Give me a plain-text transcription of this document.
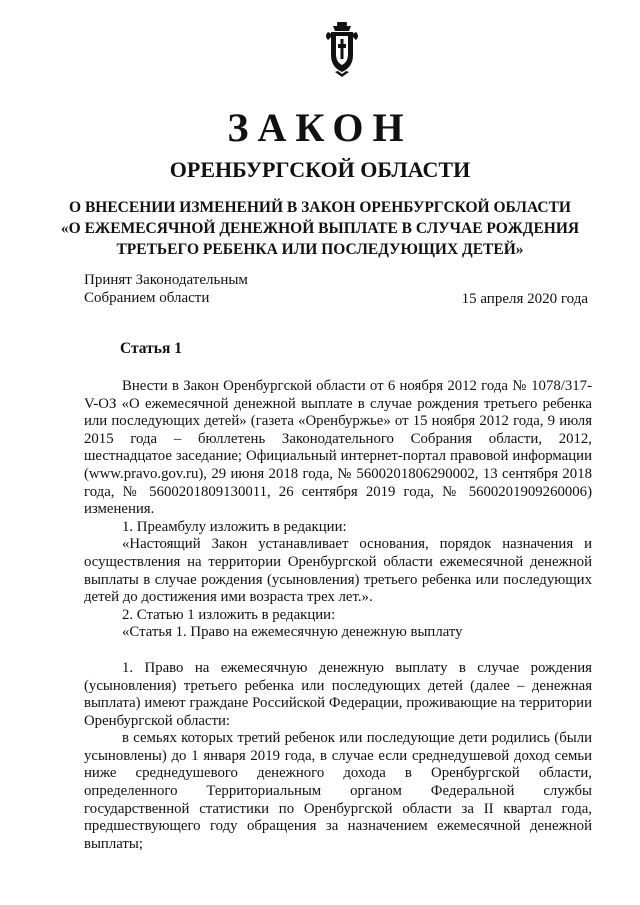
ЗАКОН
ОРЕНБУРГСКОЙ ОБЛАСТИ
О ВНЕСЕНИИ ИЗМЕНЕНИЙ В ЗАКОН ОРЕНБУРГСКОЙ ОБЛАСТИ
«О ЕЖЕМЕСЯЧНОЙ ДЕНЕЖНОЙ ВЫПЛАТЕ В СЛУЧАЕ РОЖДЕНИЯ
ТРЕТЬЕГО РЕБЕНКА ИЛИ ПОСЛЕДУЮЩИХ ДЕТЕЙ»
Принят Законодательным
Собранием области	15 апреля 2020 года
Статья 1

Внести в Закон Оренбургской области от 6 ноября 2012 года № 1078/317-V-ОЗ «О ежемесячной денежной выплате в случае рождения третьего ребенка или последующих детей» (газета «Оренбуржье» от 15 ноября 2012 года, 9 июля 2015 года – бюллетень Законодательного Собрания области, 2012, шестнадцатое заседание; Официальный интернет-портал правовой информации (www.pravo.gov.ru), 29 июня 2018 года, № 5600201806290002, 13 сентября 2018 года, № 5600201809130011, 26 сентября 2019 года, № 5600201909260006) изменения.

1. Преамбулу изложить в редакции:

«Настоящий Закон устанавливает основания, порядок назначения и осуществления на территории Оренбургской области ежемесячной денежной выплаты в случае рождения (усыновления) третьего ребенка или последующих детей до достижения ими возраста трех лет.».

2. Статью 1 изложить в редакции:

«Статья 1. Право на ежемесячную денежную выплату

1. Право на ежемесячную денежную выплату в случае рождения (усыновления) третьего ребенка или последующих детей (далее – денежная выплата) имеют граждане Российской Федерации, проживающие на территории Оренбургской области:

в семьях которых третий ребенок или последующие дети родились (были усыновлены) до 1 января 2019 года, в случае если среднедушевой доход семьи ниже среднедушевого денежного дохода в Оренбургской области, определенного Территориальным органом Федеральной службы государственной статистики по Оренбургской области за II квартал года, предшествующего году обращения за назначением ежемесячной денежной выплаты;
